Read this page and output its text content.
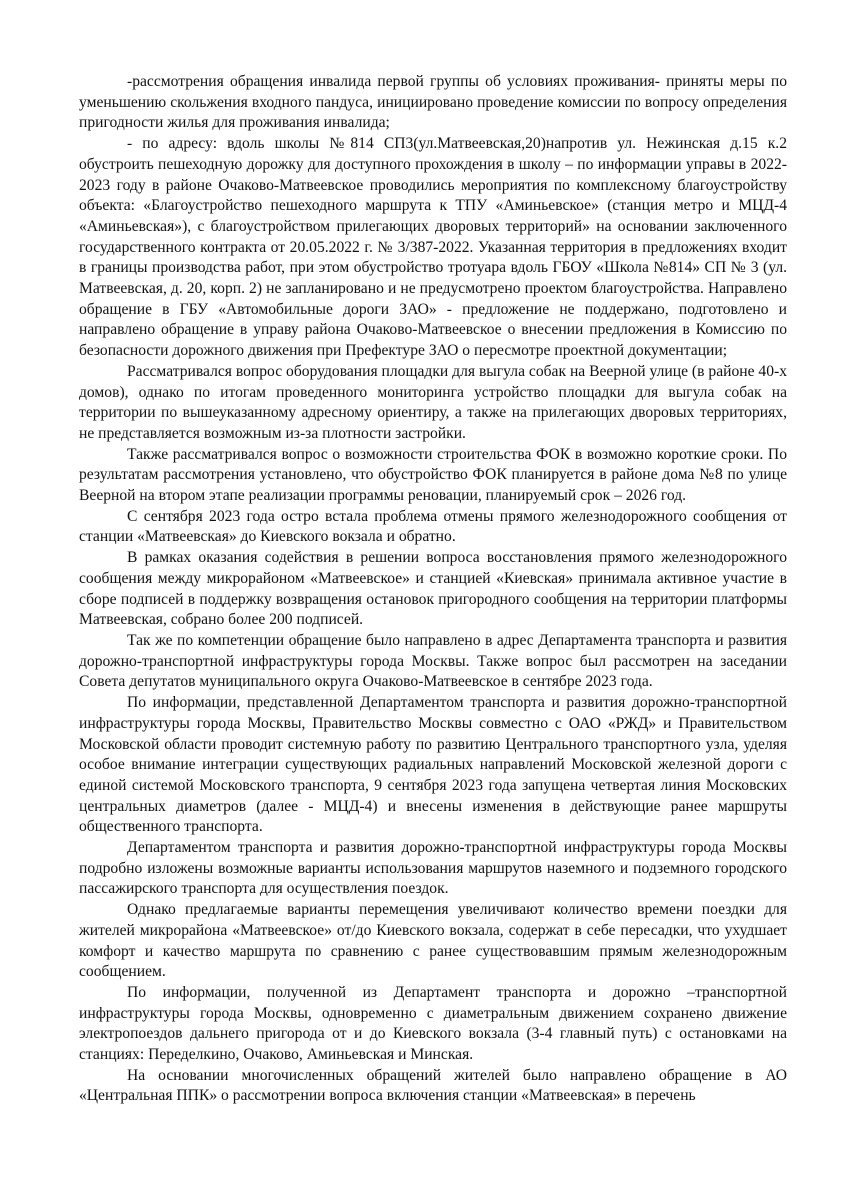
-рассмотрения обращения инвалида первой группы об условиях проживания- приняты меры по уменьшению скольжения входного пандуса, инициировано проведение комиссии по вопросу определения пригодности жилья для проживания инвалида;

- по адресу: вдоль школы №814 СП3(ул.Матвеевская,20)напротив ул. Нежинская д.15 к.2 обустроить пешеходную дорожку для доступного прохождения в школу – по информации управы в 2022-2023 году в районе Очаково-Матвеевское проводились мероприятия по комплексному благоустройству объекта: «Благоустройство пешеходного маршрута к ТПУ «Аминьевское» (станция метро и МЦД-4 «Аминьевская»), с благоустройством прилегающих дворовых территорий» на основании заключенного государственного контракта от 20.05.2022 г. № 3/387-2022. Указанная территория в предложениях входит в границы производства работ, при этом обустройство тротуара вдоль ГБОУ «Школа №814» СП № 3 (ул. Матвеевская, д. 20, корп. 2) не запланировано и не предусмотрено проектом благоустройства. Направлено обращение в ГБУ «Автомобильные дороги ЗАО» - предложение не поддержано, подготовлено и направлено обращение в управу района Очаково-Матвеевское о внесении предложения в Комиссию по безопасности дорожного движения при Префектуре ЗАО о пересмотре проектной документации;

Рассматривался вопрос оборудования площадки для выгула собак на Веерной улице (в районе 40-х домов), однако по итогам проведенного мониторинга устройство площадки для выгула собак на территории по вышеуказанному адресному ориентиру, а также на прилегающих дворовых территориях, не представляется возможным из-за плотности застройки.

Также рассматривался вопрос о возможности строительства ФОК в возможно короткие сроки. По результатам рассмотрения установлено, что обустройство ФОК планируется в районе дома №8 по улице Веерной на втором этапе реализации программы реновации, планируемый срок – 2026 год.

С сентября 2023 года остро встала проблема отмены прямого железнодорожного сообщения от станции «Матвеевская» до Киевского вокзала и обратно.

В рамках оказания содействия в решении вопроса восстановления прямого железнодорожного сообщения между микрорайоном «Матвеевское» и станцией «Киевская» принимала активное участие в сборе подписей в поддержку возвращения остановок пригородного сообщения на территории платформы Матвеевская, собрано более 200 подписей.

Так же по компетенции обращение было направлено в адрес Департамента транспорта и развития дорожно-транспортной инфраструктуры города Москвы. Также вопрос был рассмотрен на заседании Совета депутатов муниципального округа Очаково-Матвеевское в сентябре 2023 года.

По информации, представленной Департаментом транспорта и развития дорожно-транспортной инфраструктуры города Москвы, Правительство Москвы совместно с ОАО «РЖД» и Правительством Московской области проводит системную работу по развитию Центрального транспортного узла, уделяя особое внимание интеграции существующих радиальных направлений Московской железной дороги с единой системой Московского транспорта, 9 сентября 2023 года запущена четвертая линия Московских центральных диаметров (далее - МЦД-4) и внесены изменения в действующие ранее маршруты общественного транспорта.

Департаментом транспорта и развития дорожно-транспортной инфраструктуры города Москвы подробно изложены возможные варианты использования маршрутов наземного и подземного городского пассажирского транспорта для осуществления поездок.

Однако предлагаемые варианты перемещения увеличивают количество времени поездки для жителей микрорайона «Матвеевское» от/до Киевского вокзала, содержат в себе пересадки, что ухудшает комфорт и качество маршрута по сравнению с ранее существовавшим прямым железнодорожным сообщением.

По информации, полученной из Департамент транспорта и дорожно –транспортной инфраструктуры города Москвы, одновременно с диаметральным движением сохранено движение электропоездов дальнего пригорода от и до Киевского вокзала (3-4 главный путь) с остановками на станциях: Переделкино, Очаково, Аминьевская и Минская.

На основании многочисленных обращений жителей было направлено обращение в АО «Центральная ППК» о рассмотрении вопроса включения станции «Матвеевская» в перечень
